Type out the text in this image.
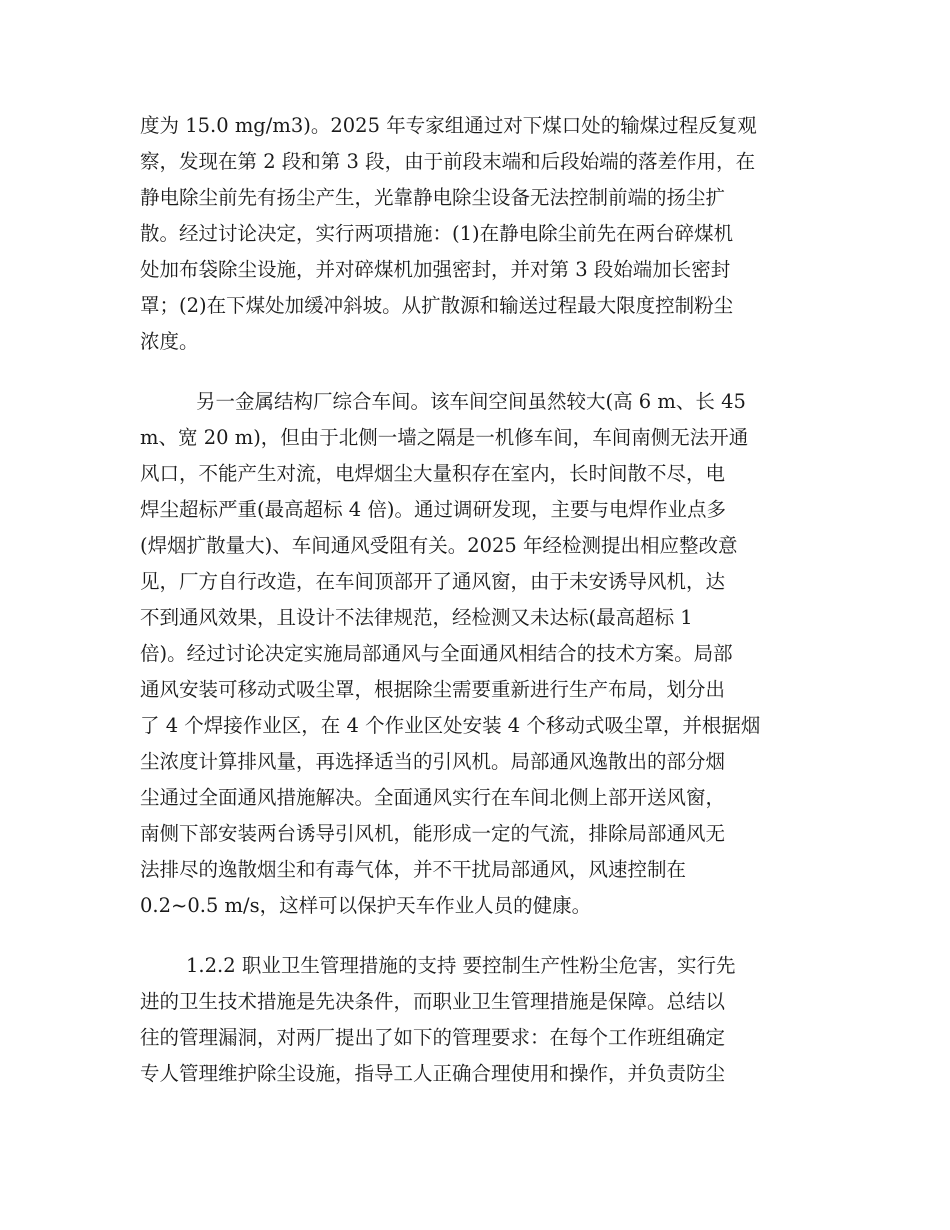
度为 15.0 mg/m3)。2025 年专家组通过对下煤口处的输煤过程反复观
察，发现在第 2 段和第 3 段，由于前段末端和后段始端的落差作用，在
静电除尘前先有扬尘产生，光靠静电除尘设备无法控制前端的扬尘扩
散。经过讨论决定，实行两项措施：(1)在静电除尘前先在两台碎煤机
处加布袋除尘设施，并对碎煤机加强密封，并对第 3 段始端加长密封
罩；(2)在下煤处加缓冲斜坡。从扩散源和输送过程最大限度控制粉尘
浓度。
另一金属结构厂综合车间。该车间空间虽然较大(高 6 m、长 45
m、宽 20 m)，但由于北侧一墙之隔是一机修车间，车间南侧无法开通
风口，不能产生对流，电焊烟尘大量积存在室内，长时间散不尽，电
焊尘超标严重(最高超标 4 倍)。通过调研发现，主要与电焊作业点多
(焊烟扩散量大)、车间通风受阻有关。2025 年经检测提出相应整改意
见，厂方自行改造，在车间顶部开了通风窗，由于未安诱导风机，达
不到通风效果，且设计不法律规范，经检测又未达标(最高超标 1
倍)。经过讨论决定实施局部通风与全面通风相结合的技术方案。局部
通风安装可移动式吸尘罩，根据除尘需要重新进行生产布局，划分出
了 4 个焊接作业区，在 4 个作业区处安装 4 个移动式吸尘罩，并根据烟
尘浓度计算排风量，再选择适当的引风机。局部通风逸散出的部分烟
尘通过全面通风措施解决。全面通风实行在车间北侧上部开送风窗，
南侧下部安装两台诱导引风机，能形成一定的气流，排除局部通风无
法排尽的逸散烟尘和有毒气体，并不干扰局部通风，风速控制在
0.2~0.5 m/s，这样可以保护天车作业人员的健康。
1.2.2 职业卫生管理措施的支持 要控制生产性粉尘危害，实行先
进的卫生技术措施是先决条件，而职业卫生管理措施是保障。总结以
往的管理漏洞，对两厂提出了如下的管理要求：在每个工作班组确定
专人管理维护除尘设施，指导工人正确合理使用和操作，并负责防尘
